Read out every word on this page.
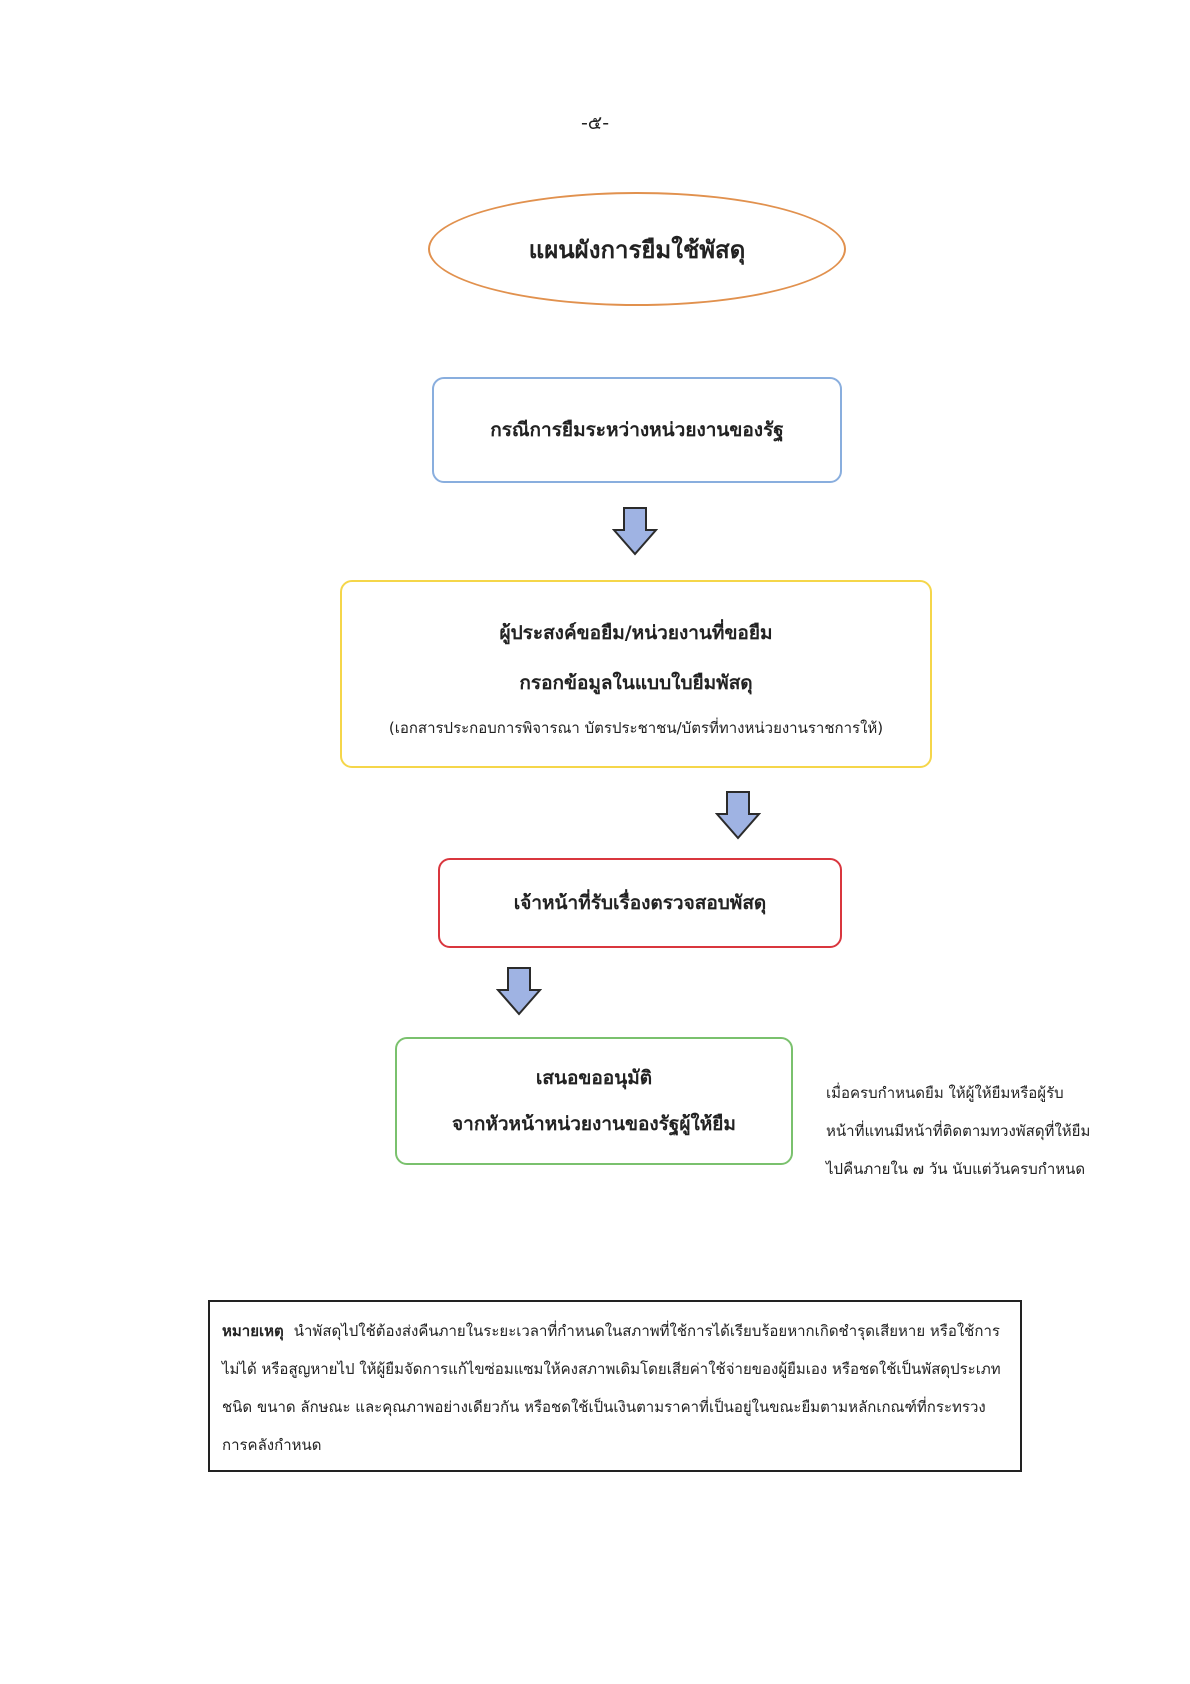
-๕-
แผนผังการยืมใช้พัสดุ
กรณีการยืมระหว่างหน่วยงานของรัฐ
ผู้ประสงค์ขอยืม/หน่วยงานที่ขอยืม
กรอกข้อมูลในแบบใบยืมพัสดุ
(เอกสารประกอบการพิจารณา บัตรประชาชน/บัตรที่ทางหน่วยงานราชการให้)
เจ้าหน้าที่รับเรื่องตรวจสอบพัสดุ
เสนอขออนุมัติ
จากหัวหน้าหน่วยงานของรัฐผู้ให้ยืม
เมื่อครบกำหนดยืม ให้ผู้ให้ยืมหรือผู้รับ
หน้าที่แทนมีหน้าที่ติดตามทวงพัสดุที่ให้ยืม
ไปคืนภายใน ๗ วัน นับแต่วันครบกำหนด
หมายเหตุ นำพัสดุไปใช้ต้องส่งคืนภายในระยะเวลาที่กำหนดในสภาพที่ใช้การได้เรียบร้อยหากเกิดชำรุดเสียหาย หรือใช้การไม่ได้ หรือสูญหายไป ให้ผู้ยืมจัดการแก้ไขซ่อมแซมให้คงสภาพเดิมโดยเสียค่าใช้จ่ายของผู้ยืมเอง หรือชดใช้เป็นพัสดุประเภท ชนิด ขนาด ลักษณะ และคุณภาพอย่างเดียวกัน หรือชดใช้เป็นเงินตามราคาที่เป็นอยู่ในขณะยืมตามหลักเกณฑ์ที่กระทรวงการคลังกำหนด
